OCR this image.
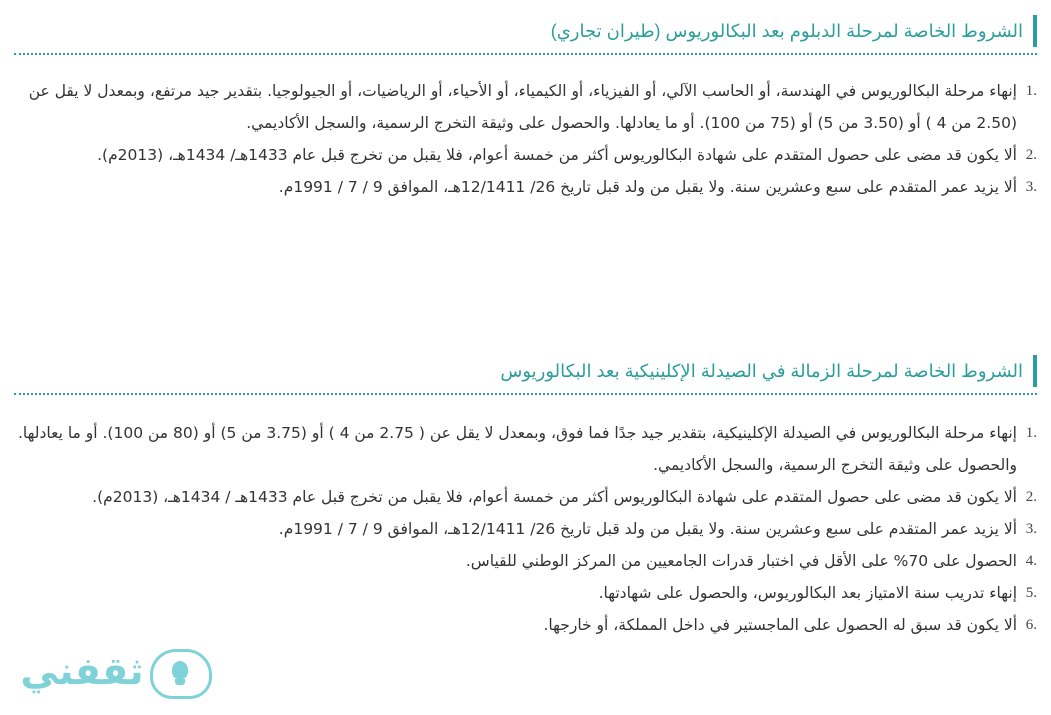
الشروط الخاصة لمرحلة الدبلوم بعد البكالوريوس (طيران تجاري)
.1
إنهاء مرحلة البكالوريوس في الهندسة، أو الحاسب الآلي، أو الفيزياء، أو الكيمياء، أو الأحياء، أو الرياضيات، أو الجيولوجيا. بتقدير جيد مرتفع، وبمعدل لا يقل عن (2.50 من 4 ) أو (3.50 من 5) أو (75 من 100). أو ما يعادلها. والحصول على وثيقة التخرج الرسمية، والسجل الأكاديمي.
.2
ألا يكون قد مضى على حصول المتقدم على شهادة البكالوريوس أكثر من خمسة أعوام، فلا يقبل من تخرج قبل عام 1433هـ/ 1434هـ، (2013م).
.3
ألا يزيد عمر المتقدم على سبع وعشرين سنة. ولا يقبل من ولد قبل تاريخ 26/ 12/1411هـ، الموافق 9 / 7 / 1991م.
الشروط الخاصة لمرحلة الزمالة في الصيدلة الإكلينيكية بعد البكالوريوس
.1
إنهاء مرحلة البكالوريوس في الصيدلة الإكلينيكية، بتقدير جيد جدًا فما فوق، وبمعدل لا يقل عن ( 2.75 من 4 ) أو (3.75 من 5) أو (80 من 100). أو ما يعادلها. والحصول على وثيقة التخرج الرسمية، والسجل الأكاديمي.
.2
ألا يكون قد مضى على حصول المتقدم على شهادة البكالوريوس أكثر من خمسة أعوام، فلا يقبل من تخرج قبل عام 1433هـ / 1434هـ، (2013م).
.3
ألا يزيد عمر المتقدم على سبع وعشرين سنة. ولا يقبل من ولد قبل تاريخ 26/ 12/1411هـ، الموافق 9 / 7 / 1991م.
.4
الحصول على 70% على الأقل في اختبار قدرات الجامعيين من المركز الوطني للقياس.
.5
إنهاء تدريب سنة الامتياز بعد البكالوريوس، والحصول على شهادتها.
.6
ألا يكون قد سبق له الحصول على الماجستير في داخل المملكة، أو خارجها.
ثقفني
